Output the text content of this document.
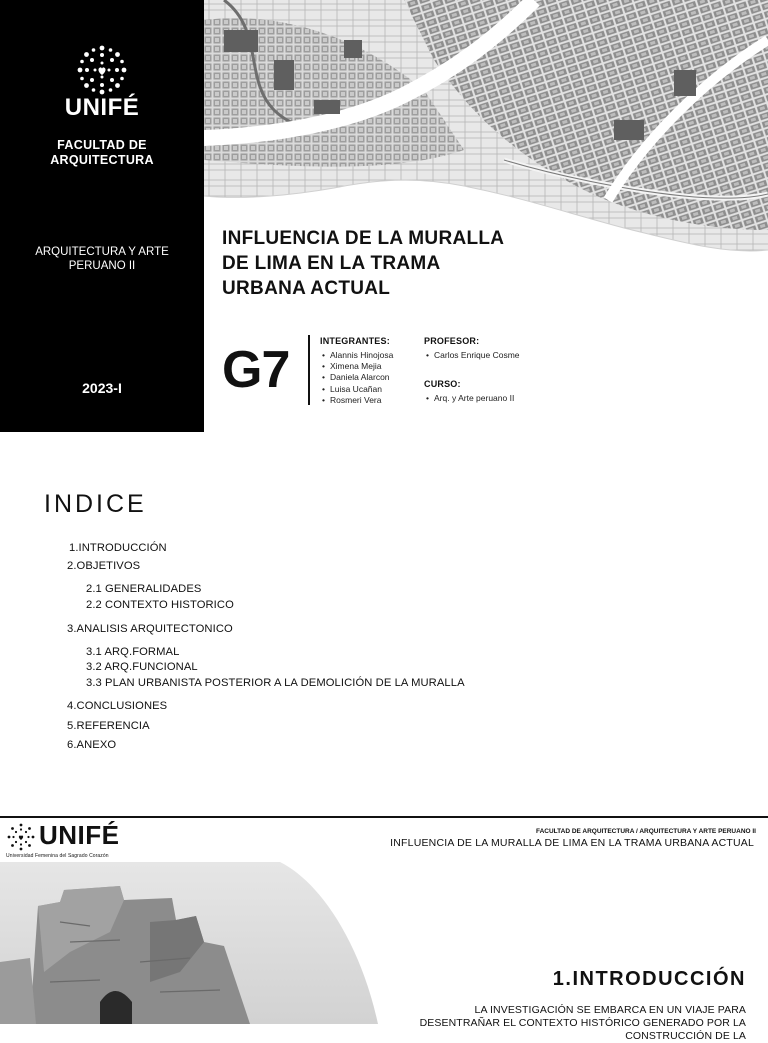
UNIFÉ
FACULTAD DE
ARQUITECTURA
ARQUITECTURA Y ARTE
PERUANO II
2023-I
INFLUENCIA DE LA MURALLA
DE LIMA EN LA TRAMA
URBANA ACTUAL
G7	INTEGRANTES:
• Alannis Hinojosa
• Ximena Mejia
• Daniela Alarcon
• Luisa Ucañan
• Rosmeri Vera
PROFESOR:
• Carlos Enrique Cosme
CURSO:
• Arq. y Arte peruano II
INDICE
1.INTRODUCCIÓN
2.OBJETIVOS
2.1 GENERALIDADES
2.2 CONTEXTO HISTORICO
3.ANALISIS ARQUITECTONICO
3.1 ARQ.FORMAL
3.2 ARQ.FUNCIONAL
3.3 PLAN URBANISTA POSTERIOR A LA DEMOLICIÓN DE LA MURALLA
4.CONCLUSIONES
5.REFERENCIA
6.ANEXO
UNIFÉ
Universidad Femenina del Sagrado Corazón
FACULTAD DE ARQUITECTURA / ARQUITECTURA Y ARTE PERUANO II
INFLUENCIA DE LA MURALLA DE LIMA EN LA TRAMA URBANA ACTUAL
1.INTRODUCCIÓN
LA INVESTIGACIÓN SE EMBARCA EN UN VIAJE PARA DESENTRAÑAR EL CONTEXTO HISTÓRICO GENERADO POR LA CONSTRUCCIÓN DE LA
